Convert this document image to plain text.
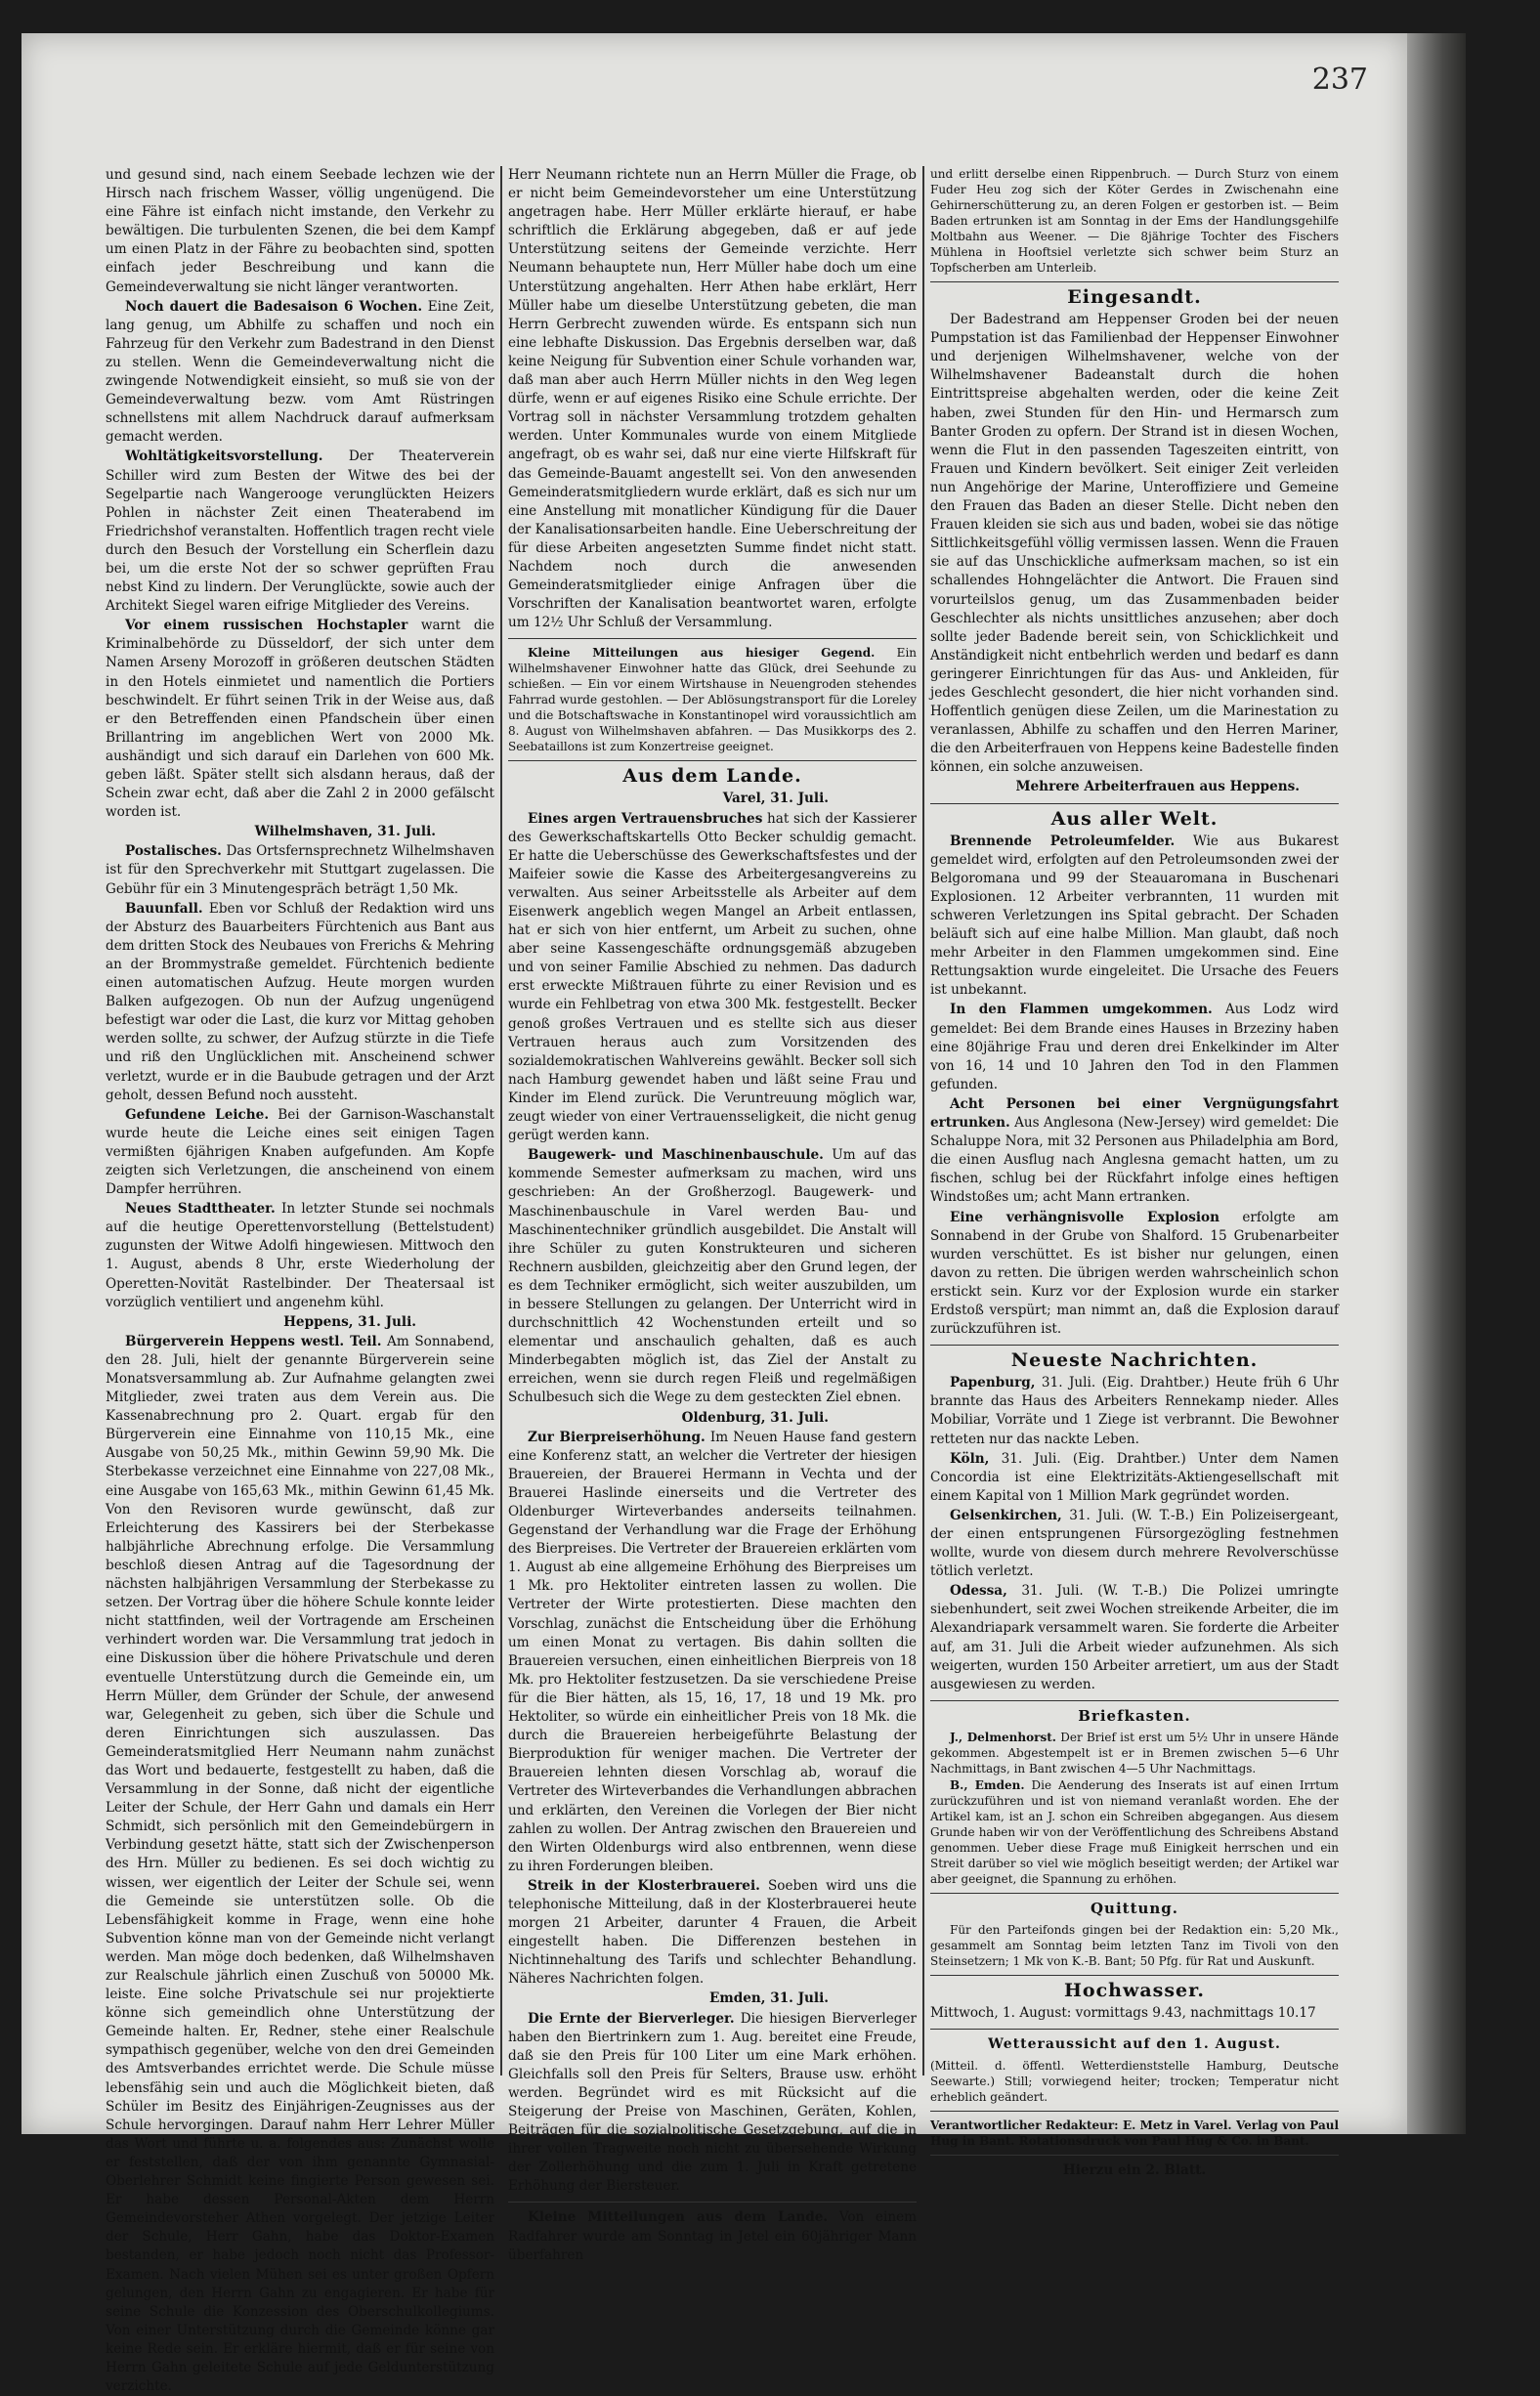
237

und gesund sind, nach einem Seebade lechzen wie der Hirsch nach frischem Wasser, völlig ungenügend. Die eine Fähre ist einfach nicht imstande, den Verkehr zu bewältigen. Die turbulenten Szenen, die bei dem Kampf um einen Platz in der Fähre zu beobachten sind, spotten einfach jeder Beschreibung und kann die Gemeindeverwaltung sie nicht länger verantworten.

Noch dauert die Badesaison 6 Wochen. Eine Zeit, lang genug, um Abhilfe zu schaffen und noch ein Fahrzeug für den Verkehr zum Badestrand in den Dienst zu stellen. Wenn die Gemeindeverwaltung nicht die zwingende Notwendigkeit einsieht, so muß sie von der Gemeindeverwaltung bezw. vom Amt Rüstringen schnellstens mit allem Nachdruck darauf aufmerksam gemacht werden.

Wohltätigkeitsvorstellung. Der Theaterverein Schiller wird zum Besten der Witwe des bei der Segelpartie nach Wangerooge verunglückten Heizers Pohlen in nächster Zeit einen Theaterabend im Friedrichshof veranstalten. Hoffentlich tragen recht viele durch den Besuch der Vorstellung ein Scherflein dazu bei, um die erste Not der so schwer geprüften Frau nebst Kind zu lindern. Der Verunglückte, sowie auch der Architekt Siegel waren eifrige Mitglieder des Vereins.

Vor einem russischen Hochstapler warnt die Kriminalbehörde zu Düsseldorf, der sich unter dem Namen Arseny Morozoff in größeren deutschen Städten in den Hotels einmietet und namentlich die Portiers beschwindelt. Er führt seinen Trik in der Weise aus, daß er den Betreffenden einen Pfandschein über einen Brillantring im angeblichen Wert von 2000 Mk. aushändigt und sich darauf ein Darlehen von 600 Mk. geben läßt. Später stellt sich alsdann heraus, daß der Schein zwar echt, daß aber die Zahl 2 in 2000 gefälscht worden ist.

Wilhelmshaven, 31. Juli.

Postalisches. Das Ortsfernsprechnetz Wilhelmshaven ist für den Sprechverkehr mit Stuttgart zugelassen. Die Gebühr für ein 3 Minutengespräch beträgt 1,50 Mk.

Bauunfall. Eben vor Schluß der Redaktion wird uns der Absturz des Bauarbeiters Fürchtenich aus Bant aus dem dritten Stock des Neubaues von Frerichs & Mehring an der Brommystraße gemeldet. Fürchtenich bediente einen automatischen Aufzug. Heute morgen wurden Balken aufgezogen. Ob nun der Aufzug ungenügend befestigt war oder die Last, die kurz vor Mittag gehoben werden sollte, zu schwer, der Aufzug stürzte in die Tiefe und riß den Unglücklichen mit. Anscheinend schwer verletzt, wurde er in die Baubude getragen und der Arzt geholt, dessen Befund noch aussteht.

Gefundene Leiche. Bei der Garnison-Waschanstalt wurde heute die Leiche eines seit einigen Tagen vermißten 6jährigen Knaben aufgefunden. Am Kopfe zeigten sich Verletzungen, die anscheinend von einem Dampfer herrühren.

Neues Stadttheater. In letzter Stunde sei nochmals auf die heutige Operettenvorstellung (Bettelstudent) zugunsten der Witwe Adolfi hingewiesen. Mittwoch den 1. August, abends 8 Uhr, erste Wiederholung der Operetten-Novität Rastelbinder. Der Theatersaal ist vorzüglich ventiliert und angenehm kühl.

Heppens, 31. Juli.

Bürgerverein Heppens westl. Teil. Am Sonnabend, den 28. Juli, hielt der genannte Bürgerverein seine Monatsversammlung ab. Zur Aufnahme gelangten zwei Mitglieder, zwei traten aus dem Verein aus. Die Kassenabrechnung pro 2. Quart. ergab für den Bürgerverein eine Einnahme von 110,15 Mk., eine Ausgabe von 50,25 Mk., mithin Gewinn 59,90 Mk. Die Sterbekasse verzeichnet eine Einnahme von 227,08 Mk., eine Ausgabe von 165,63 Mk., mithin Gewinn 61,45 Mk. Von den Revisoren wurde gewünscht, daß zur Erleichterung des Kassirers bei der Sterbekasse halbjährliche Abrechnung erfolge. Die Versammlung beschloß diesen Antrag auf die Tagesordnung der nächsten halbjährigen Versammlung der Sterbekasse zu setzen. Der Vortrag über die höhere Schule konnte leider nicht stattfinden, weil der Vortragende am Erscheinen verhindert worden war. Die Versammlung trat jedoch in eine Diskussion über die höhere Privatschule und deren eventuelle Unterstützung durch die Gemeinde ein, um Herrn Müller, dem Gründer der Schule, der anwesend war, Gelegenheit zu geben, sich über die Schule und deren Einrichtungen sich auszulassen. Das Gemeinderatsmitglied Herr Neumann nahm zunächst das Wort und bedauerte, festgestellt zu haben, daß die Versammlung in der Sonne, daß nicht der eigentliche Leiter der Schule, der Herr Gahn und damals ein Herr Schmidt, sich persönlich mit den Gemeindebürgern in Verbindung gesetzt hätte, statt sich der Zwischenperson des Hrn. Müller zu bedienen. Es sei doch wichtig zu wissen, wer eigentlich der Leiter der Schule sei, wenn die Gemeinde sie unterstützen solle. Ob die Lebensfähigkeit komme in Frage, wenn eine hohe Subvention könne man von der Gemeinde nicht verlangt werden. Man möge doch bedenken, daß Wilhelmshaven zur Realschule jährlich einen Zuschuß von 50000 Mk. leiste. Eine solche Privatschule sei nur projektierte könne sich gemeindlich ohne Unterstützung der Gemeinde halten. Er, Redner, stehe einer Realschule sympathisch gegenüber, welche von den drei Gemeinden des Amtsverbandes errichtet werde. Die Schule müsse lebensfähig sein und auch die Möglichkeit bieten, daß Schüler im Besitz des Einjährigen-Zeugnisses aus der Schule hervorgingen. Darauf nahm Herr Lehrer Müller das Wort und führte u. a. folgendes aus: Zunächst wolle er feststellen, daß der von ihm genannte Gymnasial-Oberlehrer Schmidt keine fingierte Person gewesen sei. Er habe dessen Personal-Akten dem Herrn Gemeindevorsteher Athen vorgelegt. Der jetzige Leiter der Schule, Herr Gahn, habe das Doktor-Examen bestanden, er habe jedoch noch nicht das Professor-Examen. Nach vielen Mühen sei es unter großen Opfern gelungen, den Herrn Gahn zu engagieren. Er habe für seine Schule die Konzession des Oberschulkollegiums. Von einer Unterstützung durch die Gemeinde könne gar keine Rede sein. Er erkläre hiermit, daß er für seine von Herrn Gahn geleitete Schule auf jede Geldunterstützung verzichte.

Herr Neumann richtete nun an Herrn Müller die Frage, ob er nicht beim Gemeindevorsteher um eine Unterstützung angetragen habe. Herr Müller erklärte hierauf, er habe schriftlich die Erklärung abgegeben, daß er auf jede Unterstützung seitens der Gemeinde verzichte. Herr Neumann behauptete nun, Herr Müller habe doch um eine Unterstützung angehalten. Herr Athen habe erklärt, Herr Müller habe um dieselbe Unterstützung gebeten, die man Herrn Gerbrecht zuwenden würde. Es entspann sich nun eine lebhafte Diskussion. Das Ergebnis derselben war, daß keine Neigung für Subvention einer Schule vorhanden war, daß man aber auch Herrn Müller nichts in den Weg legen dürfe, wenn er auf eigenes Risiko eine Schule errichte. Der Vortrag soll in nächster Versammlung trotzdem gehalten werden. Unter Kommunales wurde von einem Mitgliede angefragt, ob es wahr sei, daß nur eine vierte Hilfskraft für das Gemeinde-Bauamt angestellt sei. Von den anwesenden Gemeinderatsmitgliedern wurde erklärt, daß es sich nur um eine Anstellung mit monatlicher Kündigung für die Dauer der Kanalisationsarbeiten handle. Eine Ueberschreitung der für diese Arbeiten angesetzten Summe findet nicht statt. Nachdem noch durch die anwesenden Gemeinderatsmitglieder einige Anfragen über die Vorschriften der Kanalisation beantwortet waren, erfolgte um 12½ Uhr Schluß der Versammlung.

Kleine Mitteilungen aus hiesiger Gegend. Ein Wilhelmshavener Einwohner hatte das Glück, drei Seehunde zu schießen. — Ein vor einem Wirtshause in Neuengroden stehendes Fahrrad wurde gestohlen. — Der Ablösungstransport für die Loreley und die Botschaftswache in Konstantinopel wird voraussichtlich am 8. August von Wilhelmshaven abfahren. — Das Musikkorps des 2. Seebataillons ist zum Konzertreise geeignet.

Aus dem Lande.

Varel, 31. Juli.

Eines argen Vertrauensbruches hat sich der Kassierer des Gewerkschaftskartells Otto Becker schuldig gemacht. Er hatte die Ueberschüsse des Gewerkschaftsfestes und der Maifeier sowie die Kasse des Arbeitergesangvereins zu verwalten. Aus seiner Arbeitsstelle als Arbeiter auf dem Eisenwerk angeblich wegen Mangel an Arbeit entlassen, hat er sich von hier entfernt, um Arbeit zu suchen, ohne aber seine Kassengeschäfte ordnungsgemäß abzugeben und von seiner Familie Abschied zu nehmen. Das dadurch erst erweckte Mißtrauen führte zu einer Revision und es wurde ein Fehlbetrag von etwa 300 Mk. festgestellt. Becker genoß großes Vertrauen und es stellte sich aus dieser Vertrauen heraus auch zum Vorsitzenden des sozialdemokratischen Wahlvereins gewählt. Becker soll sich nach Hamburg gewendet haben und läßt seine Frau und Kinder im Elend zurück. Die Veruntreuung möglich war, zeugt wieder von einer Vertrauensseligkeit, die nicht genug gerügt werden kann.

Baugewerk- und Maschinenbauschule. Um auf das kommende Semester aufmerksam zu machen, wird uns geschrieben: An der Großherzogl. Baugewerk- und Maschinenbauschule in Varel werden Bau- und Maschinentechniker gründlich ausgebildet. Die Anstalt will ihre Schüler zu guten Konstrukteuren und sicheren Rechnern ausbilden, gleichzeitig aber den Grund legen, der es dem Techniker ermöglicht, sich weiter auszubilden, um in bessere Stellungen zu gelangen. Der Unterricht wird in durchschnittlich 42 Wochenstunden erteilt und so elementar und anschaulich gehalten, daß es auch Minderbegabten möglich ist, das Ziel der Anstalt zu erreichen, wenn sie durch regen Fleiß und regelmäßigen Schulbesuch sich die Wege zu dem gesteckten Ziel ebnen.

Oldenburg, 31. Juli.

Zur Bierpreiserhöhung. Im Neuen Hause fand gestern eine Konferenz statt, an welcher die Vertreter der hiesigen Brauereien, der Brauerei Hermann in Vechta und der Brauerei Haslinde einerseits und die Vertreter des Oldenburger Wirteverbandes anderseits teilnahmen. Gegenstand der Verhandlung war die Frage der Erhöhung des Bierpreises. Die Vertreter der Brauereien erklärten vom 1. August ab eine allgemeine Erhöhung des Bierpreises um 1 Mk. pro Hektoliter eintreten lassen zu wollen. Die Vertreter der Wirte protestierten. Diese machten den Vorschlag, zunächst die Entscheidung über die Erhöhung um einen Monat zu vertagen. Bis dahin sollten die Brauereien versuchen, einen einheitlichen Bierpreis von 18 Mk. pro Hektoliter festzusetzen. Da sie verschiedene Preise für die Bier hätten, als 15, 16, 17, 18 und 19 Mk. pro Hektoliter, so würde ein einheitlicher Preis von 18 Mk. die durch die Brauereien herbeigeführte Belastung der Bierproduktion für weniger machen. Die Vertreter der Brauereien lehnten diesen Vorschlag ab, worauf die Vertreter des Wirteverbandes die Verhandlungen abbrachen und erklärten, den Vereinen die Vorlegen der Bier nicht zahlen zu wollen. Der Antrag zwischen den Brauereien und den Wirten Oldenburgs wird also entbrennen, wenn diese zu ihren Forderungen bleiben.

Streik in der Klosterbrauerei. Soeben wird uns die telephonische Mitteilung, daß in der Klosterbrauerei heute morgen 21 Arbeiter, darunter 4 Frauen, die Arbeit eingestellt haben. Die Differenzen bestehen in Nichtinnehaltung des Tarifs und schlechter Behandlung. Näheres Nachrichten folgen.

Emden, 31. Juli.

Die Ernte der Bierverleger. Die hiesigen Bierverleger haben den Biertrinkern zum 1. Aug. bereitet eine Freude, daß sie den Preis für 100 Liter um eine Mark erhöhen. Gleichfalls soll den Preis für Selters, Brause usw. erhöht werden. Begründet wird es mit Rücksicht auf die Steigerung der Preise von Maschinen, Geräten, Kohlen, Beiträgen für die sozialpolitische Gesetzgebung, auf die in ihrer vollen Tragweite noch nicht zu übersehende Wirkung der Zollerhöhung und die zum 1. Juli in Kraft getretene Erhöhung der Biersteuer.

Kleine Mitteilungen aus dem Lande. Von einem Radfahrer wurde am Sonntag in Jetel ein 60jähriger Mann überfahren

und erlitt derselbe einen Rippenbruch. — Durch Sturz von einem Fuder Heu zog sich der Köter Gerdes in Zwischenahn eine Gehirnerschütterung zu, an deren Folgen er gestorben ist. — Beim Baden ertrunken ist am Sonntag in der Ems der Handlungsgehilfe Moltbahn aus Weener. — Die 8jährige Tochter des Fischers Mühlena in Hooftsiel verletzte sich schwer beim Sturz an Topfscherben am Unterleib.

Eingesandt.

Der Badestrand am Heppenser Groden bei der neuen Pumpstation ist das Familienbad der Heppenser Einwohner und derjenigen Wilhelmshavener, welche von der Wilhelmshavener Badeanstalt durch die hohen Eintrittspreise abgehalten werden, oder die keine Zeit haben, zwei Stunden für den Hin- und Hermarsch zum Banter Groden zu opfern. Der Strand ist in diesen Wochen, wenn die Flut in den passenden Tageszeiten eintritt, von Frauen und Kindern bevölkert. Seit einiger Zeit verleiden nun Angehörige der Marine, Unteroffiziere und Gemeine den Frauen das Baden an dieser Stelle. Dicht neben den Frauen kleiden sie sich aus und baden, wobei sie das nötige Sittlichkeitsgefühl völlig vermissen lassen. Wenn die Frauen sie auf das Unschickliche aufmerksam machen, so ist ein schallendes Hohngelächter die Antwort. Die Frauen sind vorurteilslos genug, um das Zusammenbaden beider Geschlechter als nichts unsittliches anzusehen; aber doch sollte jeder Badende bereit sein, von Schicklichkeit und Anständigkeit nicht entbehrlich werden und bedarf es dann geringerer Einrichtungen für das Aus- und Ankleiden, für jedes Geschlecht gesondert, die hier nicht vorhanden sind. Hoffentlich genügen diese Zeilen, um die Marinestation zu veranlassen, Abhilfe zu schaffen und den Herren Mariner, die den Arbeiterfrauen von Heppens keine Badestelle finden können, ein solche anzuweisen.

Mehrere Arbeiterfrauen aus Heppens.

Aus aller Welt.

Brennende Petroleumfelder. Wie aus Bukarest gemeldet wird, erfolgten auf den Petroleumsonden zwei der Belgoromana und 99 der Steauaromana in Buschenari Explosionen. 12 Arbeiter verbrannten, 11 wurden mit schweren Verletzungen ins Spital gebracht. Der Schaden beläuft sich auf eine halbe Million. Man glaubt, daß noch mehr Arbeiter in den Flammen umgekommen sind. Eine Rettungsaktion wurde eingeleitet. Die Ursache des Feuers ist unbekannt.

In den Flammen umgekommen. Aus Lodz wird gemeldet: Bei dem Brande eines Hauses in Brzeziny haben eine 80jährige Frau und deren drei Enkelkinder im Alter von 16, 14 und 10 Jahren den Tod in den Flammen gefunden.

Acht Personen bei einer Vergnügungsfahrt ertrunken. Aus Anglesona (New-Jersey) wird gemeldet: Die Schaluppe Nora, mit 32 Personen aus Philadelphia am Bord, die einen Ausflug nach Anglesna gemacht hatten, um zu fischen, schlug bei der Rückfahrt infolge eines heftigen Windstoßes um; acht Mann ertranken.

Eine verhängnisvolle Explosion erfolgte am Sonnabend in der Grube von Shalford. 15 Grubenarbeiter wurden verschüttet. Es ist bisher nur gelungen, einen davon zu retten. Die übrigen werden wahrscheinlich schon erstickt sein. Kurz vor der Explosion wurde ein starker Erdstoß verspürt; man nimmt an, daß die Explosion darauf zurückzuführen ist.

Neueste Nachrichten.

Papenburg, 31. Juli. (Eig. Drahtber.) Heute früh 6 Uhr brannte das Haus des Arbeiters Rennekamp nieder. Alles Mobiliar, Vorräte und 1 Ziege ist verbrannt. Die Bewohner retteten nur das nackte Leben.

Köln, 31. Juli. (Eig. Drahtber.) Unter dem Namen Concordia ist eine Elektrizitäts-Aktiengesellschaft mit einem Kapital von 1 Million Mark gegründet worden.

Gelsenkirchen, 31. Juli. (W. T.-B.) Ein Polizeisergeant, der einen entsprungenen Fürsorgezögling festnehmen wollte, wurde von diesem durch mehrere Revolverschüsse tötlich verletzt.

Odessa, 31. Juli. (W. T.-B.) Die Polizei umringte siebenhundert, seit zwei Wochen streikende Arbeiter, die im Alexandriapark versammelt waren. Sie forderte die Arbeiter auf, am 31. Juli die Arbeit wieder aufzunehmen. Als sich weigerten, wurden 150 Arbeiter arretiert, um aus der Stadt ausgewiesen zu werden.

Briefkasten.

J., Delmenhorst. Der Brief ist erst um 5½ Uhr in unsere Hände gekommen. Abgestempelt ist er in Bremen zwischen 5—6 Uhr Nachmittags, in Bant zwischen 4—5 Uhr Nachmittags.

B., Emden. Die Aenderung des Inserats ist auf einen Irrtum zurückzuführen und ist von niemand veranlaßt worden. Ehe der Artikel kam, ist an J. schon ein Schreiben abgegangen. Aus diesem Grunde haben wir von der Veröffentlichung des Schreibens Abstand genommen. Ueber diese Frage muß Einigkeit herrschen und ein Streit darüber so viel wie möglich beseitigt werden; der Artikel war aber geeignet, die Spannung zu erhöhen.

Quittung.

Für den Parteifonds gingen bei der Redaktion ein: 5,20 Mk., gesammelt am Sonntag beim letzten Tanz im Tivoli von den Steinsetzern; 1 Mk von K.-B. Bant; 50 Pfg. für Rat und Auskunft.

Hochwasser.

Mittwoch, 1. August: vormittags 9.43, nachmittags 10.17

Wetteraussicht auf den 1. August.

(Mitteil. d. öffentl. Wetterdienststelle Hamburg, Deutsche Seewarte.) Still; vorwiegend heiter; trocken; Temperatur nicht erheblich geändert.

Verantwortlicher Redakteur: E. Metz in Varel. Verlag von Paul Hug in Bant. Rotationsdruck von Paul Hug & Co. in Bant.

Hierzu ein 2. Blatt.
